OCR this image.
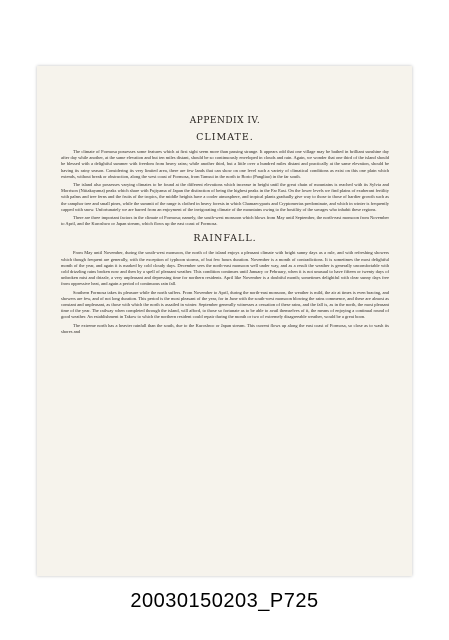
APPENDIX IV.
CLIMATE.

The climate of Formosa possesses some features which at first sight seem more than passing strange. It appears odd that one village may be bathed in brilliant sunshine day after day while another, at the same elevation and but ten miles distant, should be so continuously enveloped in clouds and rain. Again, we wonder that one third of the island should be blessed with a delightful summer with freedom from heavy rains; while another third, but a little over a hundred miles distant and practically at the same elevation, should be having its rainy season. Considering its very limited area, there are few lands that can show on one level such a variety of climatical conditions as exist on this one plain which extends, without break or obstruction, along the west coast of Formosa, from Tamsui in the north to Borio (Pangliao) in the far south.

The island also possesses varying climates to be found at the different elevations which increase in height until the great chain of mountains is reached with its Sylvia and Morrison (Niitakayama) peaks which share with Fujiyama of Japan the distinction of being the highest peaks in the Far East. On the lower levels we find plains of exuberant fertility with palms and tree ferns and the fruits of the tropics, the middle heights have a cooler atmosphere, and tropical plants gradually give way to those to those of hardier growth such as the camphor tree and small pines, while the summit of the range is clothed in heavy forests in which Chamaecyparis and Cryptomerias predominate, and which in winter is frequently capped with snow. Unfortunately we are barred from an enjoyment of the invigorating climate of the mountains owing to the hostility of the savages who inhabit these regions.

There are three important factors in the climate of Formosa; namely, the south-west monsoon which blows from May until September, the north-east monsoon from November to April, and the Kuroshwo or Japan stream, which flows up the east coast of Formosa.

RAINFALL.

From May until November, during the south-west monsoon, the north of the island enjoys a pleasant climate with bright sunny days as a rule, and with refreshing showers which though frequent are generally, with the exception of typhoon storms, of but few hours duration. November is a month of contradictions. It is sometimes the most delightful month of the year, and again it is marked by cold cloudy days. December sees the north-east monsoon well under way, and as a result the weather is generally uncomfortable with cold drizzling rains broken now and then by a spell of pleasant weather. This condition continues until January or February, when it is not unusual to have fifteen or twenty days of unbroken mist and drizzle, a very unpleasant and depressing time for northern residents. April like November is a doubtful month; sometimes delightful with clear sunny days free from oppressive heat, and again a period of continuous rain fall.

Southern Formosa takes its pleasure while the north suffers. From November to April, during the north-east monsoon, the weather is mild, the air at times is even bracing, and showers are few, and of not long duration. This period is the most pleasant of the year, for in June with the south-west monsoon blowing the rains commence, and these are almost as constant and unpleasant, as those with which the north is assailed in winter. September generally witnesses a cessation of these rains, and the fall is, as in the north, the most pleasant time of the year. The railway when completed through the island, will afford, to those so fortunate as to be able to avail themselves of it, the means of enjoying a continual round of good weather. An establishment in Takow to which the northern resident could repair during the month or two of extremely disagreeable weather, would be a great boon.

The extreme north has a heavier rainfall than the south, due to the Kuroshwo or Japan stream. This current flows up along the east coast of Formosa, so close as to wash its shores and

20030150203_P725
